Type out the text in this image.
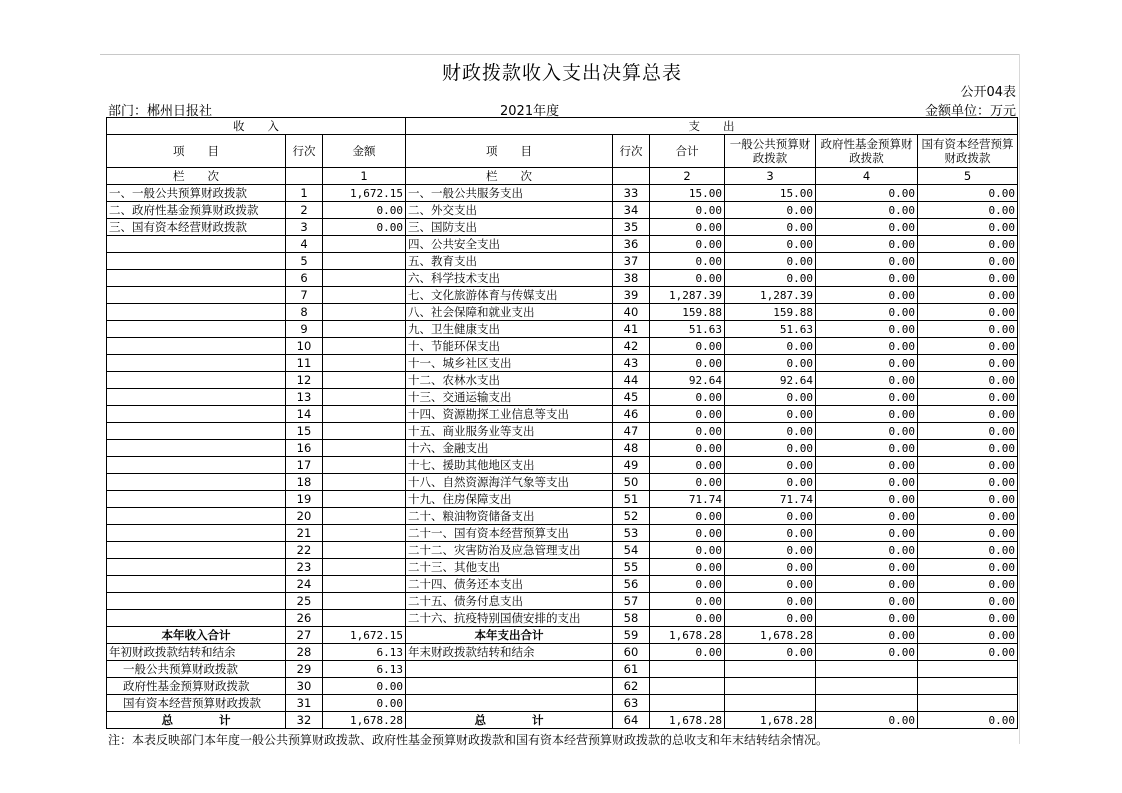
财政拨款收入支出决算总表
公开04表
部门：郴州日报社	2021年度	金额单位：万元
收　　入			支　　出					
项　　目	行次	金额	项　　目	行次	合计	一般公共预算财政拨款	政府性基金预算财政拨款	国有资本经营预算财政拨款
栏　　次		1	栏　　次		2	3	4	5
一、一般公共预算财政拨款	1	1,672.15	一、一般公共服务支出	33	15.00	15.00	0.00	0.00
二、政府性基金预算财政拨款	2	0.00	二、外交支出	34	0.00	0.00	0.00	0.00
三、国有资本经营财政拨款	3	0.00	三、国防支出	35	0.00	0.00	0.00	0.00
	4		四、公共安全支出	36	0.00	0.00	0.00	0.00
	5		五、教育支出	37	0.00	0.00	0.00	0.00
	6		六、科学技术支出	38	0.00	0.00	0.00	0.00
	7		七、文化旅游体育与传媒支出	39	1,287.39	1,287.39	0.00	0.00
	8		八、社会保障和就业支出	40	159.88	159.88	0.00	0.00
	9		九、卫生健康支出	41	51.63	51.63	0.00	0.00
	10		十、节能环保支出	42	0.00	0.00	0.00	0.00
	11		十一、城乡社区支出	43	0.00	0.00	0.00	0.00
	12		十二、农林水支出	44	92.64	92.64	0.00	0.00
	13		十三、交通运输支出	45	0.00	0.00	0.00	0.00
	14		十四、资源勘探工业信息等支出	46	0.00	0.00	0.00	0.00
	15		十五、商业服务业等支出	47	0.00	0.00	0.00	0.00
	16		十六、金融支出	48	0.00	0.00	0.00	0.00
	17		十七、援助其他地区支出	49	0.00	0.00	0.00	0.00
	18		十八、自然资源海洋气象等支出	50	0.00	0.00	0.00	0.00
	19		十九、住房保障支出	51	71.74	71.74	0.00	0.00
	20		二十、粮油物资储备支出	52	0.00	0.00	0.00	0.00
	21		二十一、国有资本经营预算支出	53	0.00	0.00	0.00	0.00
	22		二十二、灾害防治及应急管理支出	54	0.00	0.00	0.00	0.00
	23		二十三、其他支出	55	0.00	0.00	0.00	0.00
	24		二十四、债务还本支出	56	0.00	0.00	0.00	0.00
	25		二十五、债务付息支出	57	0.00	0.00	0.00	0.00
	26		二十六、抗疫特别国债安排的支出	58	0.00	0.00	0.00	0.00
本年收入合计	27	1,672.15	本年支出合计	59	1,678.28	1,678.28	0.00	0.00
年初财政拨款结转和结余	28	6.13	年末财政拨款结转和结余	60	0.00	0.00	0.00	0.00
一般公共预算财政拨款	29	6.13		61				
政府性基金预算财政拨款	30	0.00		62				
国有资本经营预算财政拨款	31	0.00		63				
总　　　　计	32	1,678.28	总　　　　计	64	1,678.28	1,678.28	0.00	0.00
注：本表反映部门本年度一般公共预算财政拨款、政府性基金预算财政拨款和国有资本经营预算财政拨款的总收支和年末结转结余情况。
